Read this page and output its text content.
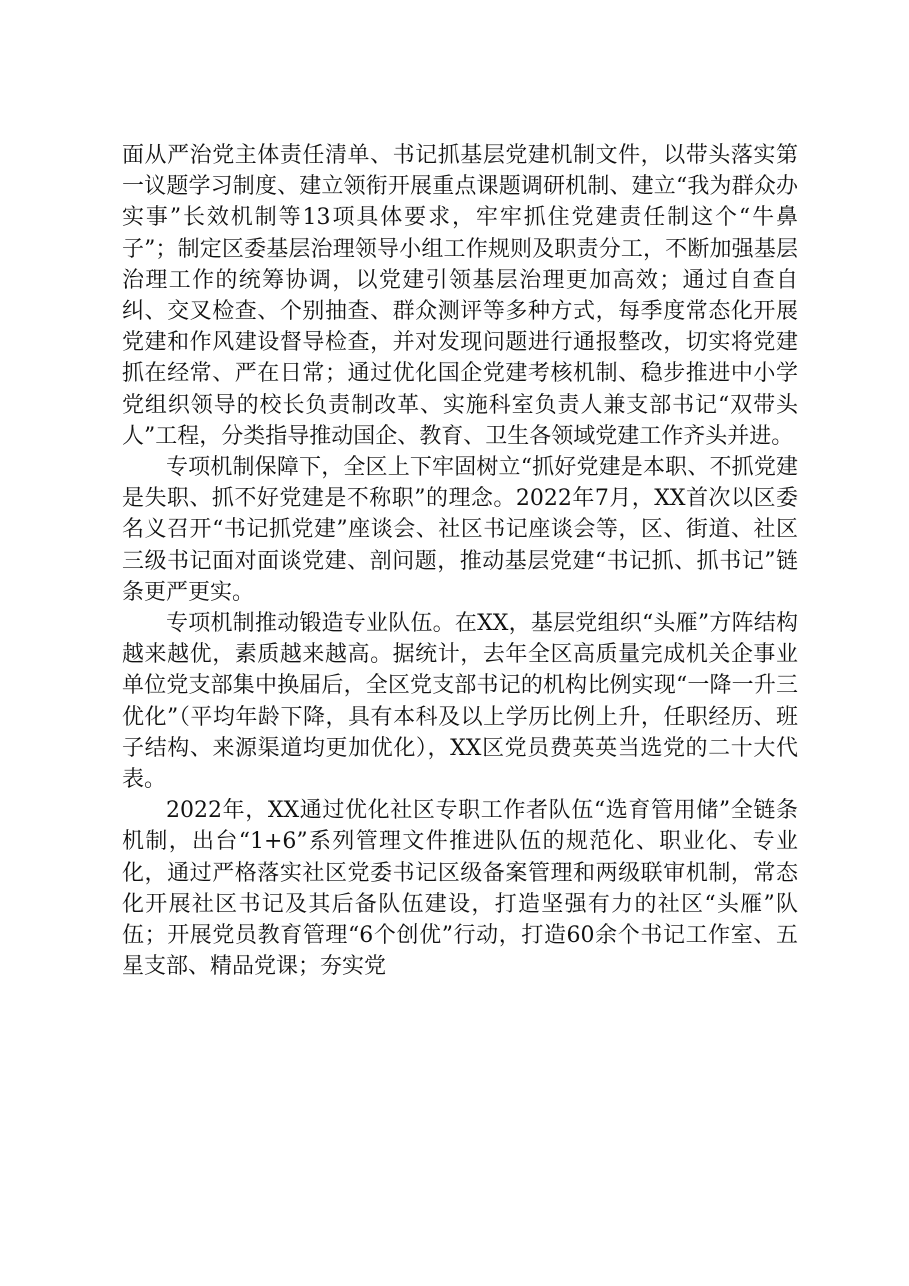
面从严治党主体责任清单、书记抓基层党建机制文件，以带头落实第一议题学习制度、建立领衔开展重点课题调研机制、建立“我为群众办实事”长效机制等13项具体要求，牢牢抓住党建责任制这个“牛鼻子”；制定区委基层治理领导小组工作规则及职责分工，不断加强基层治理工作的统筹协调，以党建引领基层治理更加高效；通过自查自纠、交叉检查、个别抽查、群众测评等多种方式，每季度常态化开展党建和作风建设督导检查，并对发现问题进行通报整改，切实将党建抓在经常、严在日常；通过优化国企党建考核机制、稳步推进中小学党组织领导的校长负责制改革、实施科室负责人兼支部书记“双带头人”工程，分类指导推动国企、教育、卫生各领域党建工作齐头并进。

专项机制保障下，全区上下牢固树立“抓好党建是本职、不抓党建是失职、抓不好党建是不称职”的理念。2022年7月，XX首次以区委名义召开“书记抓党建”座谈会、社区书记座谈会等，区、街道、社区三级书记面对面谈党建、剖问题，推动基层党建“书记抓、抓书记”链条更严更实。

专项机制推动锻造专业队伍。在XX，基层党组织“头雁”方阵结构越来越优，素质越来越高。据统计，去年全区高质量完成机关企事业单位党支部集中换届后，全区党支部书记的机构比例实现“一降一升三优化”（平均年龄下降，具有本科及以上学历比例上升，任职经历、班子结构、来源渠道均更加优化），XX区党员费英英当选党的二十大代表。

2022年，XX通过优化社区专职工作者队伍“选育管用储”全链条机制，出台“1+6”系列管理文件推进队伍的规范化、职业化、专业化，通过严格落实社区党委书记区级备案管理和两级联审机制，常态化开展社区书记及其后备队伍建设，打造坚强有力的社区“头雁”队伍；开展党员教育管理“6个创优”行动，打造60余个书记工作室、五星支部、精品党课；夯实党
